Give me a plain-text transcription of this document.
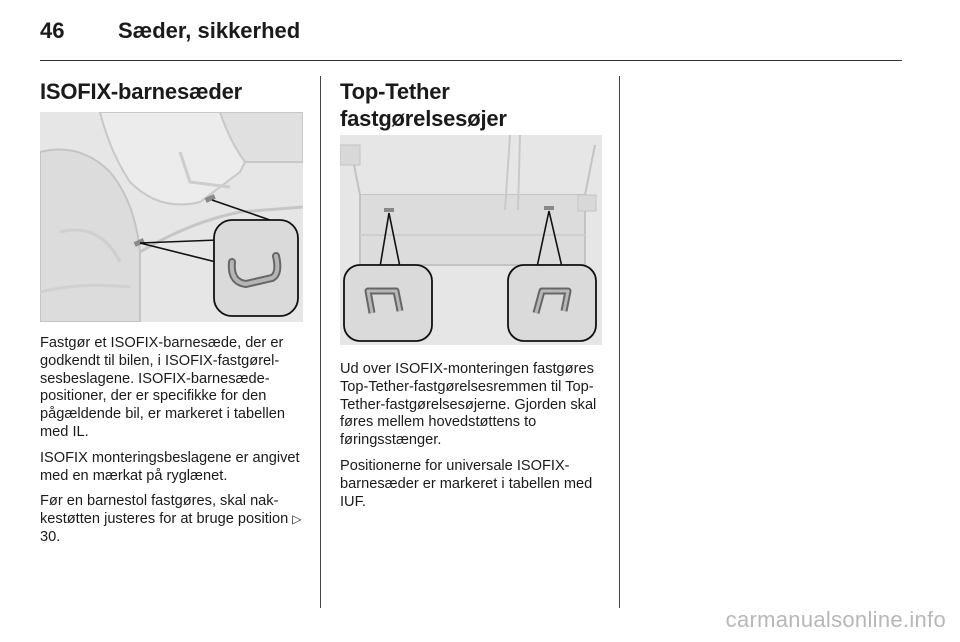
46 Sæder, sikkerhed
ISOFIX-barnesæder

Fastgør et ISOFIX-barnesæde, der er godkendt til bilen, i ISOFIX-fastgørelsesbeslagene. ISOFIX-barnesædepositioner, der er specifikke for den pågældende bil, er markeret i tabellen med IL.

ISOFIX monteringsbeslagene er angivet med en mærkat på ryglænet.

Før en barnestol fastgøres, skal nakkestøtten justeres for at bruge position ▷ 30.

Top-Tether
fastgørelsesøjer

Ud over ISOFIX-monteringen fastgøres Top-Tether-fastgørelsesremmen til Top-Tether-fastgørelsesøjerne. Gjorden skal føres mellem hovedstøttens to føringsstænger.

Positionerne for universale ISOFIX-barnesæder er markeret i tabellen med IUF.

carmanualsonline.info
